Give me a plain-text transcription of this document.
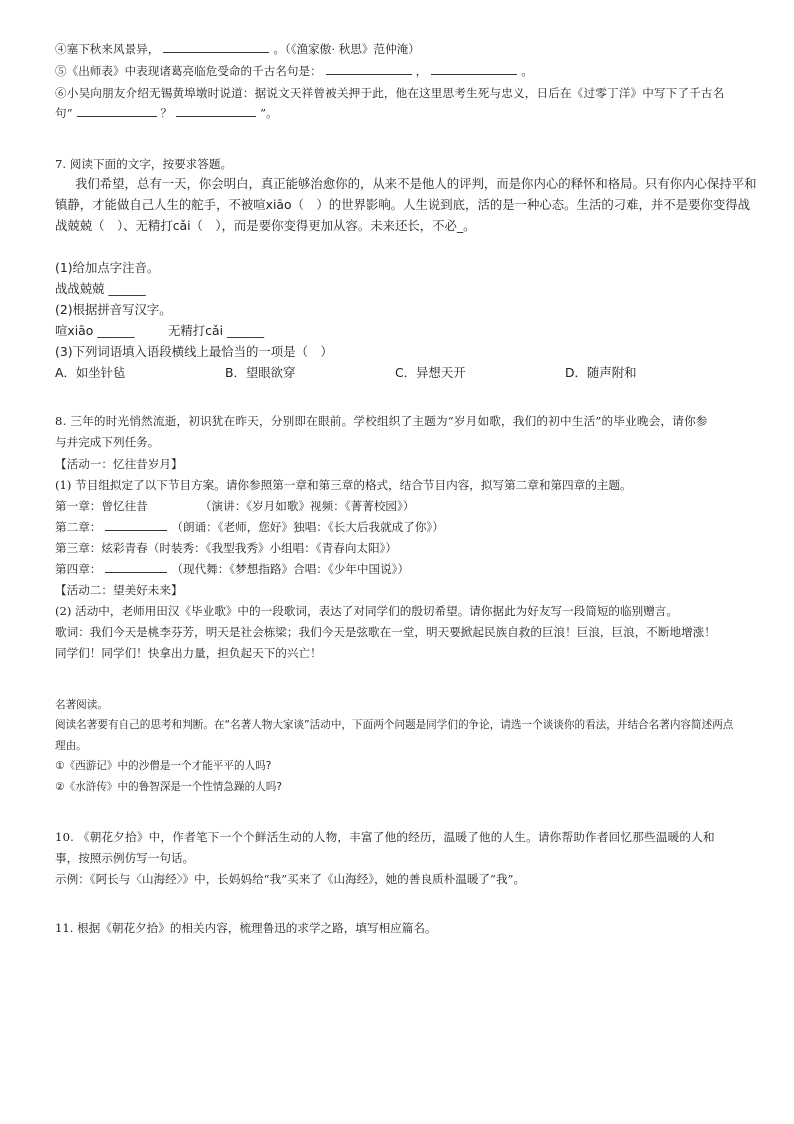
④塞下秋来风景异，	。（《渔家傲· 秋思》范仲淹）
⑤《出师表》中表现诸葛亮临危受命的千古名句是：	，	。
⑥小吴向朋友介绍无锡黄埠墩时说道：据说文天祥曾被关押于此，他在这里思考生死与忠义，日后在《过零丁洋》中写下了千古名
句“	？	”。
7. 阅读下面的文字，按要求答题。
我们希望，总有一天，你会明白，真正能够治愈你的，从来不是他人的评判，而是你内心的释怀和格局。只有你内心保持平和
镇静，才能做自己人生的舵手，不被喧xiāo（　）的世界影响。人生说到底，活的是一种心态。生活的刁难，并不是要你变得战
战兢兢（　）、无精打cǎi（　），而是要你变得更加从容。未来还长，不必_。
(1)给加点字注音。
战战兢兢 ______
(2)根据拼音写汉字。
喧xiāo ______	无精打cǎi ______
(3)下列词语填入语段横线上最恰当的一项是（　）
A．如坐针毡	B．望眼欲穿	C．异想天开	D．随声附和
8. 三年的时光悄然流逝，初识犹在昨天，分别即在眼前。学校组织了主题为“岁月如歌，我们的初中生活”的毕业晚会，请你参
与并完成下列任务。
【活动一：忆往昔岁月】
(1) 节目组拟定了以下节目方案。请你参照第一章和第三章的格式，结合节目内容，拟写第二章和第四章的主题。
第一章：曾忆往昔　　　　　（演讲：《岁月如歌》视频：《菁菁校园》）
第二章：	（朗诵：《老师，您好》独唱：《长大后我就成了你》）
第三章：炫彩青春（时装秀：《我型我秀》小组唱：《青春向太阳》）
第四章：	（现代舞：《梦想指路》合唱：《少年中国说》）
【活动二：望美好未来】
(2) 活动中，老师用田汉《毕业歌》中的一段歌词，表达了对同学们的殷切希望。请你据此为好友写一段简短的临别赠言。
歌词：我们今天是桃李芬芳，明天是社会栋梁；我们今天是弦歌在一堂，明天要掀起民族自救的巨浪！巨浪，巨浪，不断地增涨！
同学们！同学们！快拿出力量，担负起天下的兴亡！
名著阅读。
阅读名著要有自己的思考和判断。在“名著人物大家谈”活动中，下面两个问题是同学们的争论，请选一个谈谈你的看法，并结合名著内容简述两点
理由。
①《西游记》中的沙僧是一个才能平平的人吗?
②《水浒传》中的鲁智深是一个性情急躁的人吗?
10. 《朝花夕拾》中，作者笔下一个个鲜活生动的人物，丰富了他的经历，温暖了他的人生。请你帮助作者回忆那些温暖的人和
事，按照示例仿写一句话。
示例：《阿长与〈山海经〉》中，长妈妈给“我”买来了《山海经》，她的善良质朴温暖了“我”。
11. 根据《朝花夕拾》的相关内容，梳理鲁迅的求学之路，填写相应篇名。
